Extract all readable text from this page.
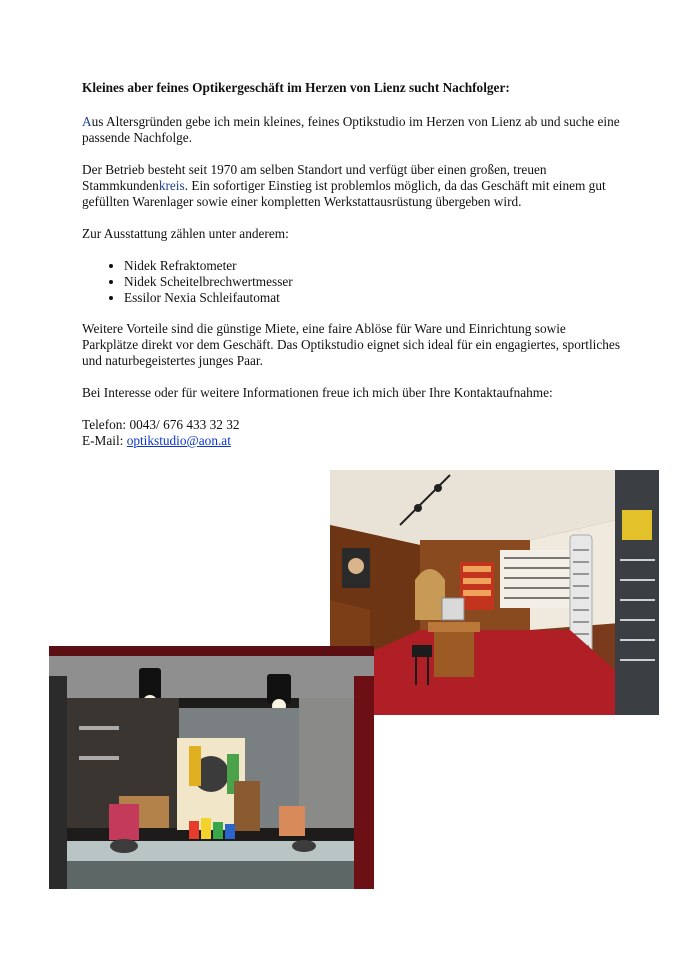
Kleines aber feines Optikergeschäft im Herzen von Lienz sucht Nachfolger:

Aus Altersgründen gebe ich mein kleines, feines Optikstudio im Herzen von Lienz ab und suche eine passende Nachfolge.

Der Betrieb besteht seit 1970 am selben Standort und verfügt über einen großen, treuen Stammkundenkreis. Ein sofortiger Einstieg ist problemlos möglich, da das Geschäft mit einem gut gefüllten Warenlager sowie einer kompletten Werkstattausrüstung übergeben wird.

Zur Ausstattung zählen unter anderem:

• Nidek Refraktometer
• Nidek Scheitelbrechwertmesser
• Essilor Nexia Schleifautomat

Weitere Vorteile sind die günstige Miete, eine faire Ablöse für Ware und Einrichtung sowie Parkplätze direkt vor dem Geschäft. Das Optikstudio eignet sich ideal für ein engagiertes, sportliches und naturbegeistertes junges Paar.

Bei Interesse oder für weitere Informationen freue ich mich über Ihre Kontaktaufnahme:

Telefon: 0043/ 676 433 32 32

E-Mail: optikstudio@aon.at
